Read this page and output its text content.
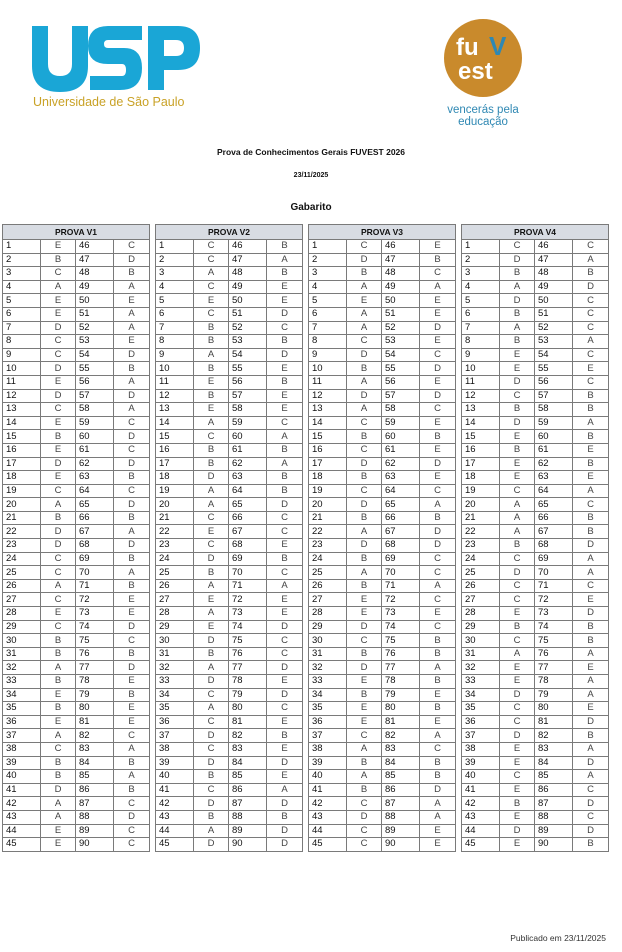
Universidade de São Paulo
fu V
est
vencerás pela
educação
Prova de Conhecimentos Gerais FUVEST 2026
23/11/2025
Gabarito
PROVA V1			
1	E	46	C
2	B	47	D
3	C	48	B
4	A	49	A
5	E	50	E
6	E	51	A
7	D	52	A
8	C	53	E
9	C	54	D
10	D	55	B
11	E	56	A
12	D	57	D
13	C	58	A
14	E	59	C
15	B	60	D
16	E	61	C
17	D	62	D
18	E	63	B
19	C	64	C
20	A	65	D
21	B	66	B
22	D	67	A
23	D	68	D
24	C	69	B
25	C	70	A
26	A	71	B
27	C	72	E
28	E	73	E
29	C	74	D
30	B	75	C
31	B	76	B
32	A	77	D
33	B	78	E
34	E	79	B
35	B	80	E
36	E	81	E
37	A	82	C
38	C	83	A
39	B	84	B
40	B	85	A
41	D	86	B
42	A	87	C
43	A	88	D
44	E	89	C
45	E	90	C
PROVA V2			
1	C	46	B
2	C	47	A
3	A	48	B
4	C	49	E
5	E	50	E
6	C	51	D
7	B	52	C
8	B	53	B
9	A	54	D
10	B	55	E
11	E	56	B
12	B	57	E
13	E	58	E
14	A	59	C
15	C	60	A
16	B	61	B
17	B	62	A
18	D	63	B
19	A	64	B
20	A	65	D
21	C	66	C
22	E	67	C
23	C	68	E
24	D	69	B
25	B	70	C
26	A	71	A
27	E	72	E
28	A	73	E
29	E	74	D
30	D	75	C
31	B	76	C
32	A	77	D
33	D	78	E
34	C	79	D
35	A	80	C
36	C	81	E
37	D	82	B
38	C	83	E
39	D	84	D
40	B	85	E
41	C	86	A
42	D	87	D
43	B	88	B
44	A	89	D
45	D	90	D
PROVA V3			
1	C	46	E
2	D	47	B
3	B	48	C
4	A	49	A
5	E	50	E
6	A	51	E
7	A	52	D
8	C	53	E
9	D	54	C
10	B	55	D
11	A	56	E
12	D	57	D
13	A	58	C
14	C	59	E
15	B	60	B
16	C	61	E
17	D	62	D
18	B	63	E
19	C	64	C
20	D	65	A
21	B	66	B
22	A	67	D
23	D	68	D
24	B	69	C
25	A	70	C
26	B	71	A
27	E	72	C
28	E	73	E
29	D	74	C
30	C	75	B
31	B	76	B
32	D	77	A
33	E	78	B
34	B	79	E
35	E	80	B
36	E	81	E
37	C	82	A
38	A	83	C
39	B	84	B
40	A	85	B
41	B	86	D
42	C	87	A
43	D	88	A
44	C	89	E
45	C	90	E
PROVA V4			
1	C	46	C
2	D	47	A
3	B	48	B
4	A	49	D
5	D	50	C
6	B	51	C
7	A	52	C
8	B	53	A
9	E	54	C
10	E	55	E
11	D	56	C
12	C	57	B
13	B	58	B
14	D	59	A
15	E	60	B
16	B	61	E
17	E	62	B
18	E	63	E
19	C	64	A
20	A	65	C
21	A	66	B
22	A	67	B
23	B	68	D
24	C	69	A
25	D	70	A
26	C	71	C
27	C	72	E
28	E	73	D
29	B	74	B
30	C	75	B
31	A	76	A
32	E	77	E
33	E	78	A
34	D	79	A
35	C	80	E
36	C	81	D
37	D	82	B
38	E	83	A
39	E	84	D
40	C	85	A
41	E	86	C
42	B	87	D
43	E	88	C
44	D	89	D
45	E	90	B
Publicado em 23/11/2025
